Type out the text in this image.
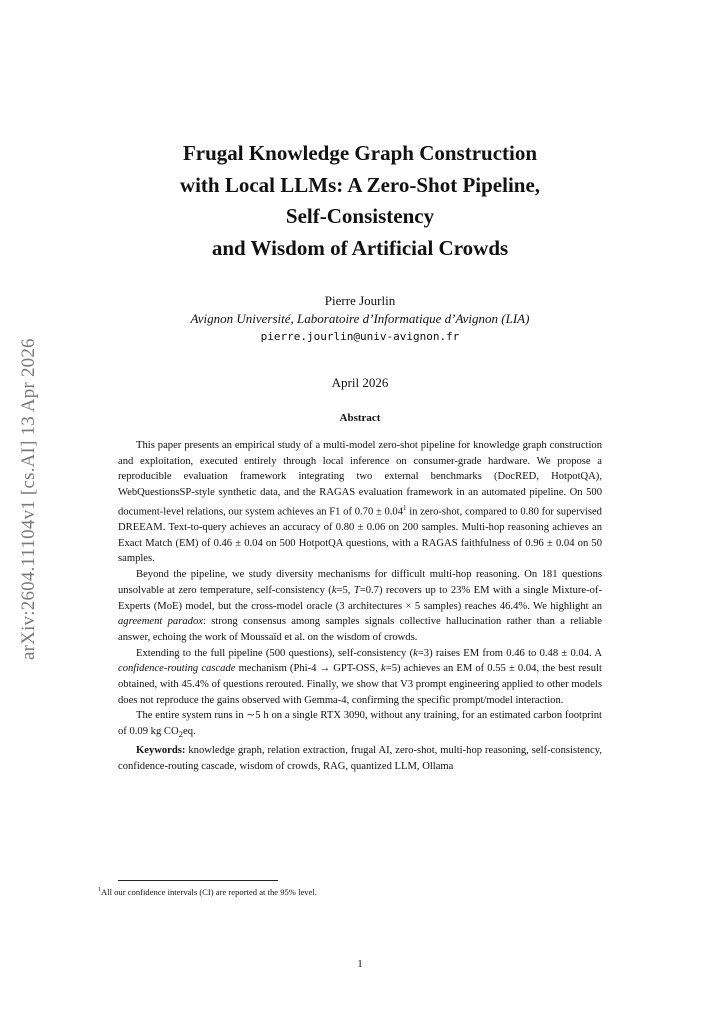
arXiv:2604.11104v1 [cs.AI] 13 Apr 2026
Frugal Knowledge Graph Construction
with Local LLMs: A Zero-Shot Pipeline,
Self-Consistency
and Wisdom of Artificial Crowds
Pierre Jourlin
Avignon Université, Laboratoire d’Informatique d’Avignon (LIA)
pierre.jourlin@univ-avignon.fr
April 2026
Abstract

This paper presents an empirical study of a multi-model zero-shot pipeline for knowledge graph construction and exploitation, executed entirely through local inference on consumer-grade hardware. We propose a reproducible evaluation framework integrating two external benchmarks (DocRED, HotpotQA), WebQuestionsSP-style synthetic data, and the RAGAS evaluation framework in an automated pipeline. On 500 document-level relations, our system achieves an F1 of $0.70 \pm 0.04^1$ in zero-shot, compared to 0.80 for supervised DREEAM. Text-to-query achieves an accuracy of 0.80 ± 0.06 on 200 samples. Multi-hop reasoning achieves an Exact Match (EM) of 0.46 ± 0.04 on 500 HotpotQA questions, with a RAGAS faithfulness of 0.96 ± 0.04 on 50 samples.

Beyond the pipeline, we study diversity mechanisms for difficult multi-hop reasoning. On 181 questions unsolvable at zero temperature, self-consistency (k=5, T=0.7) recovers up to 23% EM with a single Mixture-of-Experts (MoE) model, but the cross-model oracle (3 architectures × 5 samples) reaches 46.4%. We highlight an agreement paradox: strong consensus among samples signals collective hallucination rather than a reliable answer, echoing the work of Moussaïd et al. on the wisdom of crowds.

Extending to the full pipeline (500 questions), self-consistency (k=3) raises EM from 0.46 to 0.48 ± 0.04. A confidence-routing cascade mechanism (Phi-4 → GPT-OSS, k=5) achieves an EM of 0.55 ± 0.04, the best result obtained, with 45.4% of questions rerouted. Finally, we show that V3 prompt engineering applied to other models does not reproduce the gains observed with Gemma-4, confirming the specific prompt/model interaction.

The entire system runs in ∼5 h on a single RTX 3090, without any training, for an estimated carbon footprint of 0.09 kg $CO_2eq$.

Keywords: knowledge graph, relation extraction, frugal AI, zero-shot, multi-hop reasoning, self-consistency, confidence-routing cascade, wisdom of crowds, RAG, quantized LLM, Ollama

$^1$All our confidence intervals (CI) are reported at the 95% level.
1
